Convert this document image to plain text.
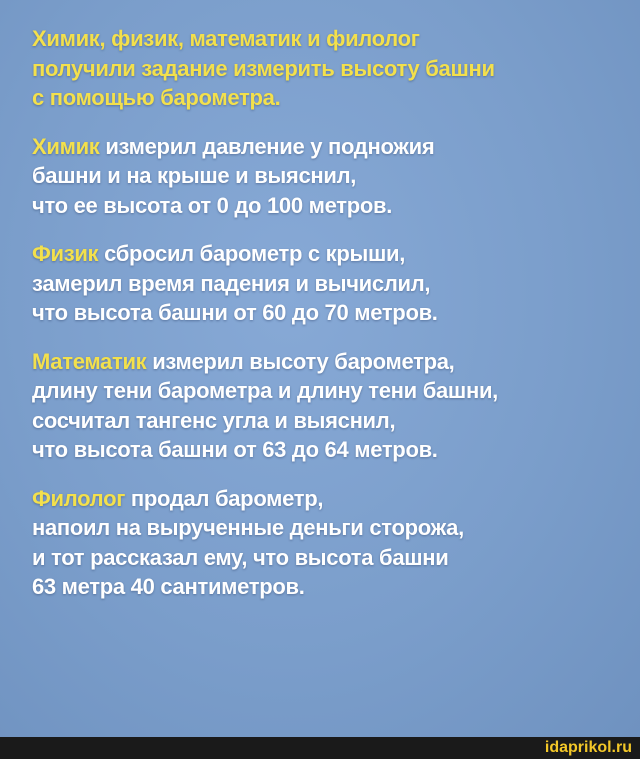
Химик, физик, математик и филолог
получили задание измерить высоту башни
с помощью барометра.

Химик измерил давление у подножия
башни и на крыше и выяснил,
что ее высота от 0 до 100 метров.

Физик сбросил барометр с крыши,
замерил время падения и вычислил,
что высота башни от 60 до 70 метров.

Математик измерил высоту барометра,
длину тени барометра и длину тени башни,
сосчитал тангенс угла и выяснил,
что высота башни от 63 до 64 метров.

Филолог продал барометр,
напоил на вырученные деньги сторожа,
и тот рассказал ему, что высота башни
63 метра 40 сантиметров.

idaprikol.ru
